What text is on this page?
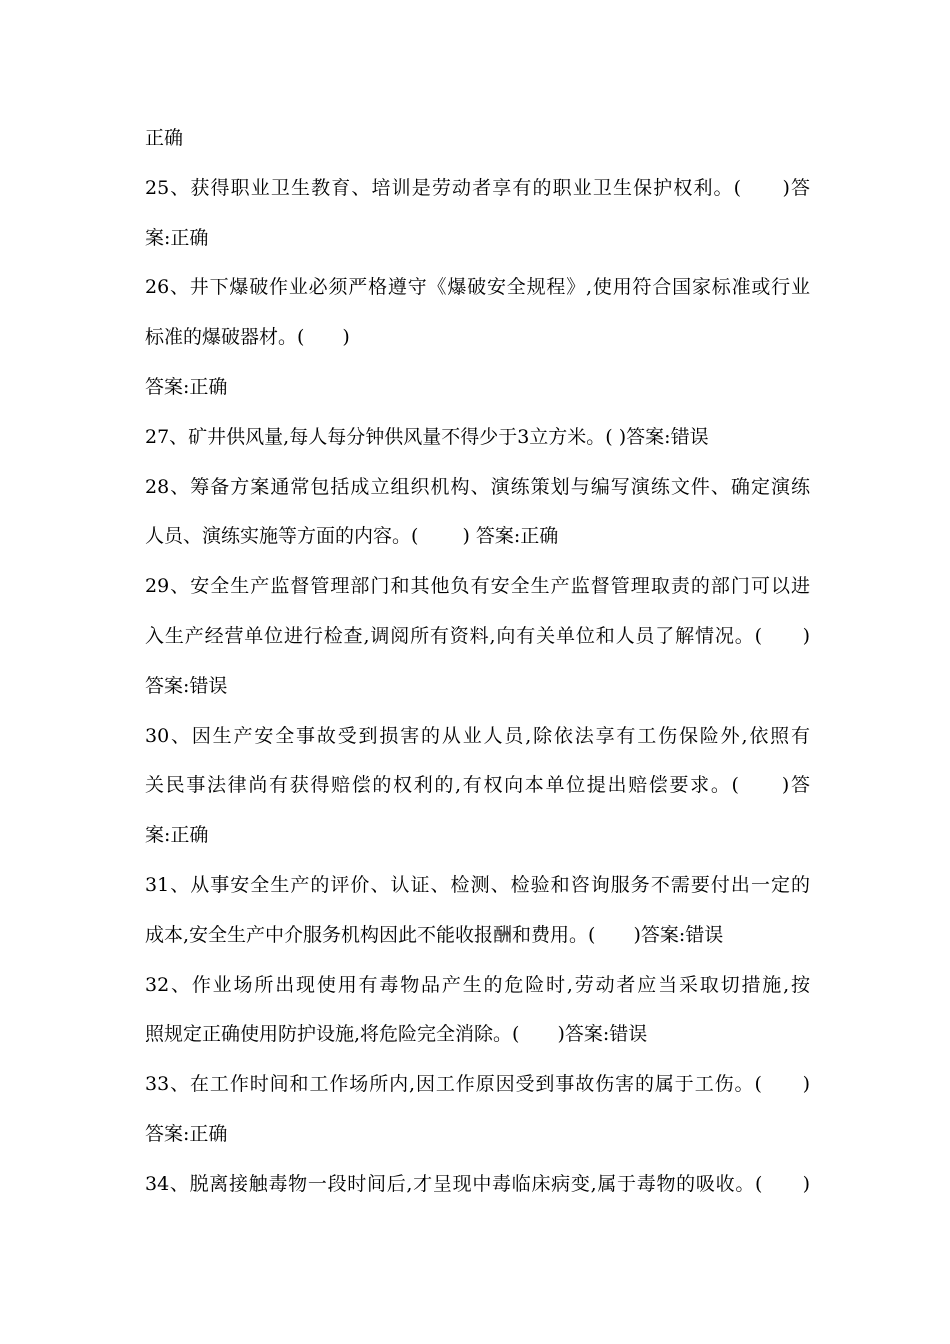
正确
25、获得职业卫生教育、培训是劳动者享有的职业卫生保护权利。(　　)答
案:正确
26、井下爆破作业必须严格遵守《爆破安全规程》,使用符合国家标准或行业
标准的爆破器材。(　　)
答案:正确
27、矿井供风量,每人每分钟供风量不得少于3立方米。( )答案:错误
28、筹备方案通常包括成立组织机构、演练策划与编写演练文件、确定演练
人员、演练实施等方面的内容。(　　 ) 答案:正确
29、安全生产监督管理部门和其他负有安全生产监督管理取责的部门可以进
入生产经营单位进行检查,调阅所有资料,向有关单位和人员了解情况。(　　)
答案:错误
30、因生产安全事故受到损害的从业人员,除依法享有工伤保险外,依照有
关民事法律尚有获得赔偿的权利的,有权向本单位提出赔偿要求。(　　)答
案:正确
31、从事安全生产的评价、认证、检测、检验和咨询服务不需要付出一定的
成本,安全生产中介服务机构因此不能收报酬和费用。(　　)答案:错误
32、作业场所出现使用有毒物品产生的危险时,劳动者应当采取切措施,按
照规定正确使用防护设施,将危险完全消除。(　　)答案:错误
33、在工作时间和工作场所内,因工作原因受到事故伤害的属于工伤。(　　)
答案:正确
34、脱离接触毒物一段时间后,才呈现中毒临床病变,属于毒物的吸收。(　　)
